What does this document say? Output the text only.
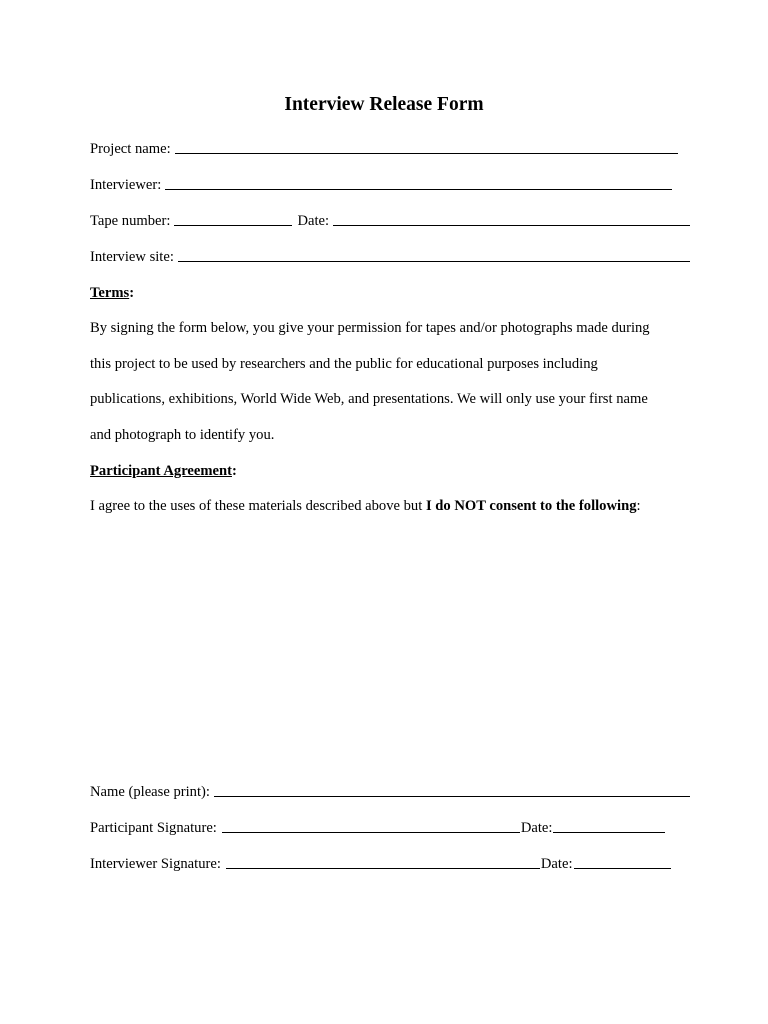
Interview Release Form
Project name:
Interviewer:
Tape number:	Date:
Interview site:
Terms:
By signing the form below, you give your permission for tapes and/or photographs made during
this project to be used by researchers and the public for educational purposes including
publications, exhibitions, World Wide Web, and presentations. We will only use your first name
and photograph to identify you.
Participant Agreement:
I agree to the uses of these materials described above but I do NOT consent to the following:
Name (please print):
Participant Signature:	Date:
Interviewer Signature:	Date:
